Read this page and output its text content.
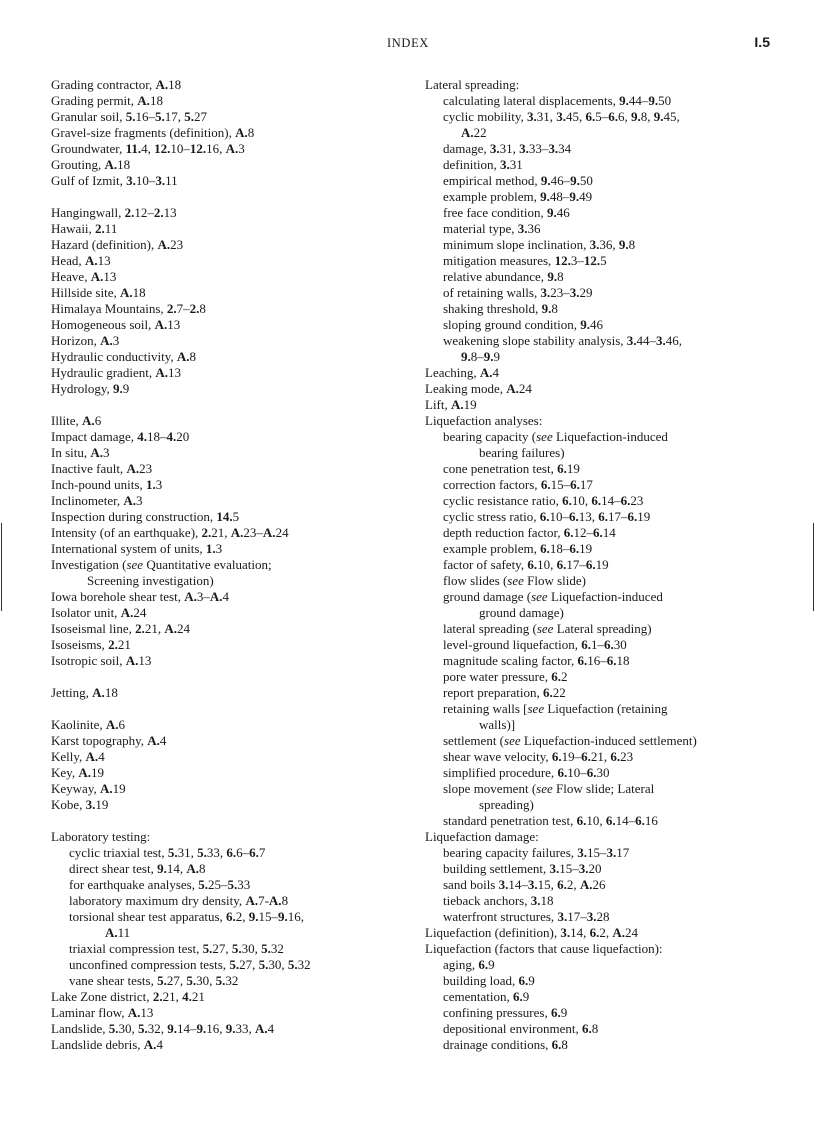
INDEX	I.5
Grading contractor, A.18
Grading permit, A.18
Granular soil, 5.16–5.17, 5.27
Gravel-size fragments (definition), A.8
Groundwater, 11.4, 12.10–12.16, A.3
Grouting, A.18
Gulf of Izmit, 3.10–3.11
Hangingwall, 2.12–2.13
Hawaii, 2.11
Hazard (definition), A.23
Head, A.13
Heave, A.13
Hillside site, A.18
Himalaya Mountains, 2.7–2.8
Homogeneous soil, A.13
Horizon, A.3
Hydraulic conductivity, A.8
Hydraulic gradient, A.13
Hydrology, 9.9
Illite, A.6
Impact damage, 4.18–4.20
In situ, A.3
Inactive fault, A.23
Inch-pound units, 1.3
Inclinometer, A.3
Inspection during construction, 14.5
Intensity (of an earthquake), 2.21, A.23–A.24
International system of units, 1.3
Investigation (see Quantitative evaluation;
Screening investigation)
Iowa borehole shear test, A.3–A.4
Isolator unit, A.24
Isoseismal line, 2.21, A.24
Isoseisms, 2.21
Isotropic soil, A.13
Jetting, A.18
Kaolinite, A.6
Karst topography, A.4
Kelly, A.4
Key, A.19
Keyway, A.19
Kobe, 3.19
Laboratory testing:
cyclic triaxial test, 5.31, 5.33, 6.6–6.7
direct shear test, 9.14, A.8
for earthquake analyses, 5.25–5.33
laboratory maximum dry density, A.7-A.8
torsional shear test apparatus, 6.2, 9.15–9.16,
A.11
triaxial compression test, 5.27, 5.30, 5.32
unconfined compression tests, 5.27, 5.30, 5.32
vane shear tests, 5.27, 5.30, 5.32
Lake Zone district, 2.21, 4.21
Laminar flow, A.13
Landslide, 5.30, 5.32, 9.14–9.16, 9.33, A.4
Landslide debris, A.4
Lateral spreading:
calculating lateral displacements, 9.44–9.50
cyclic mobility, 3.31, 3.45, 6.5–6.6, 9.8, 9.45,
A.22
damage, 3.31, 3.33–3.34
definition, 3.31
empirical method, 9.46–9.50
example problem, 9.48–9.49
free face condition, 9.46
material type, 3.36
minimum slope inclination, 3.36, 9.8
mitigation measures, 12.3–12.5
relative abundance, 9.8
of retaining walls, 3.23–3.29
shaking threshold, 9.8
sloping ground condition, 9.46
weakening slope stability analysis, 3.44–3.46,
9.8–9.9
Leaching, A.4
Leaking mode, A.24
Lift, A.19
Liquefaction analyses:
bearing capacity (see Liquefaction-induced
bearing failures)
cone penetration test, 6.19
correction factors, 6.15–6.17
cyclic resistance ratio, 6.10, 6.14–6.23
cyclic stress ratio, 6.10–6.13, 6.17–6.19
depth reduction factor, 6.12–6.14
example problem, 6.18–6.19
factor of safety, 6.10, 6.17–6.19
flow slides (see Flow slide)
ground damage (see Liquefaction-induced
ground damage)
lateral spreading (see Lateral spreading)
level-ground liquefaction, 6.1–6.30
magnitude scaling factor, 6.16–6.18
pore water pressure, 6.2
report preparation, 6.22
retaining walls [see Liquefaction (retaining
walls)]
settlement (see Liquefaction-induced settlement)
shear wave velocity, 6.19–6.21, 6.23
simplified procedure, 6.10–6.30
slope movement (see Flow slide; Lateral
spreading)
standard penetration test, 6.10, 6.14–6.16
Liquefaction damage:
bearing capacity failures, 3.15–3.17
building settlement, 3.15–3.20
sand boils 3.14–3.15, 6.2, A.26
tieback anchors, 3.18
waterfront structures, 3.17–3.28
Liquefaction (definition), 3.14, 6.2, A.24
Liquefaction (factors that cause liquefaction):
aging, 6.9
building load, 6.9
cementation, 6.9
confining pressures, 6.9
depositional environment, 6.8
drainage conditions, 6.8
